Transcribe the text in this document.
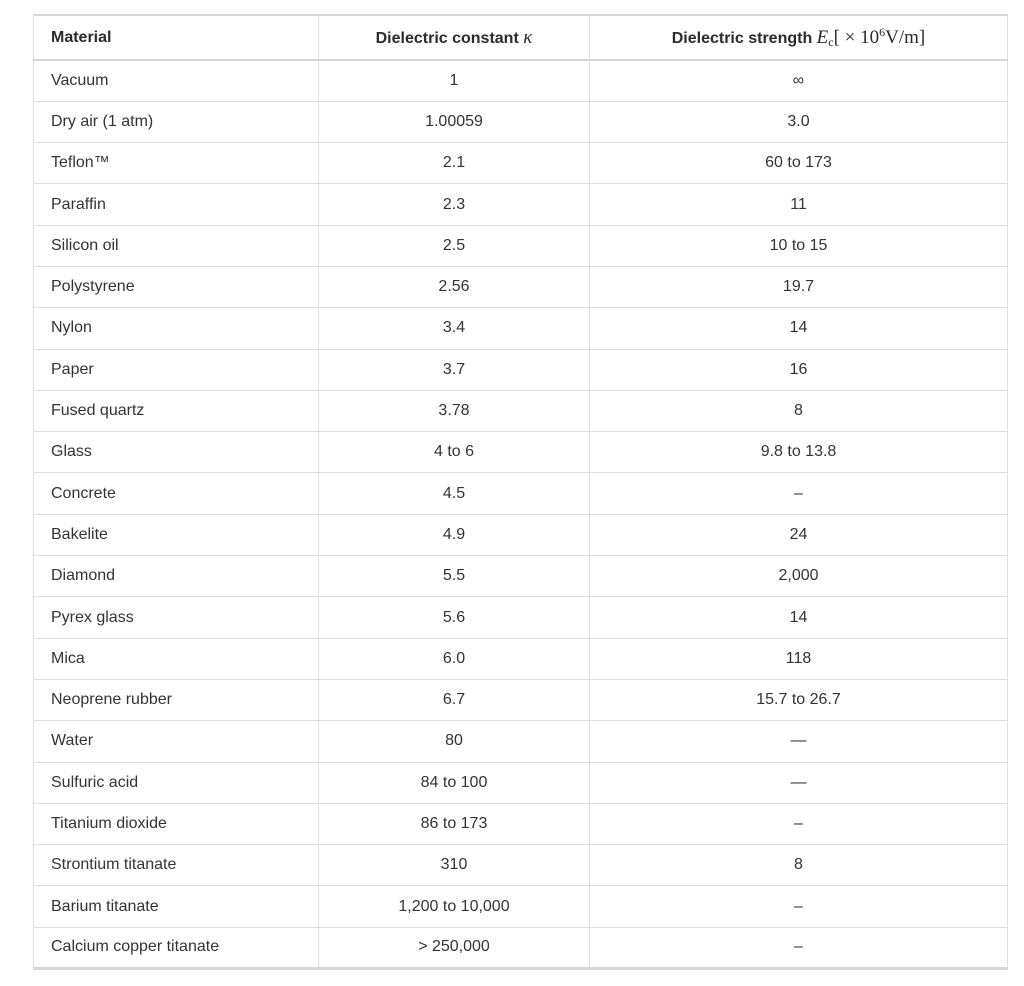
Material	Dielectric constant κ	Dielectric strength $E_c[ \times 10^6V/m]$
Vacuum	1	∞
Dry air (1 atm)	1.00059	3.0
Teflon™	2.1	60 to 173
Paraffin	2.3	11
Silicon oil	2.5	10 to 15
Polystyrene	2.56	19.7
Nylon	3.4	14
Paper	3.7	16
Fused quartz	3.78	8
Glass	4 to 6	9.8 to 13.8
Concrete	4.5	–
Bakelite	4.9	24
Diamond	5.5	2,000
Pyrex glass	5.6	14
Mica	6.0	118
Neoprene rubber	6.7	15.7 to 26.7
Water	80	—
Sulfuric acid	84 to 100	—
Titanium dioxide	86 to 173	–
Strontium titanate	310	8
Barium titanate	1,200 to 10,000	–
Calcium copper titanate	> 250,000	–
